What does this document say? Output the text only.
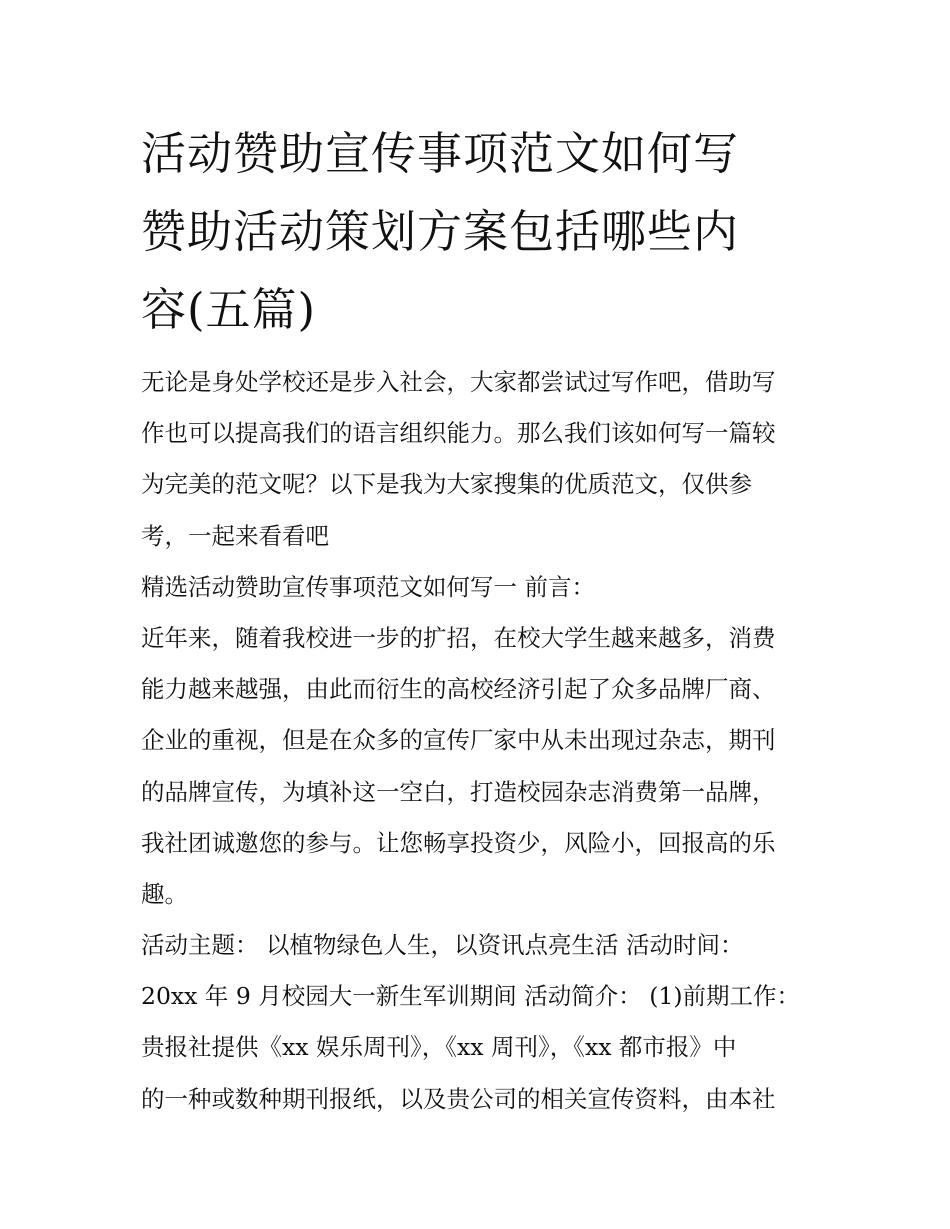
活动赞助宣传事项范文如何写
赞助活动策划方案包括哪些内
容(五篇)
无论是身处学校还是步入社会，大家都尝试过写作吧，借助写
作也可以提高我们的语言组织能力。那么我们该如何写一篇较
为完美的范文呢？以下是我为大家搜集的优质范文，仅供参
考，一起来看看吧
精选活动赞助宣传事项范文如何写一 前言：
近年来，随着我校进一步的扩招，在校大学生越来越多，消费
能力越来越强，由此而衍生的高校经济引起了众多品牌厂商、
企业的重视，但是在众多的宣传厂家中从未出现过杂志，期刊
的品牌宣传，为填补这一空白，打造校园杂志消费第一品牌，
我社团诚邀您的参与。让您畅享投资少，风险小，回报高的乐
趣。
活动主题： 以植物绿色人生，以资讯点亮生活 活动时间：
20xx 年 9 月校园大一新生军训期间 活动简介： (1)前期工作：
贵报社提供《xx 娱乐周刊》，《xx 周刊》，《xx 都市报》中
的一种或数种期刊报纸，以及贵公司的相关宣传资料，由本社
